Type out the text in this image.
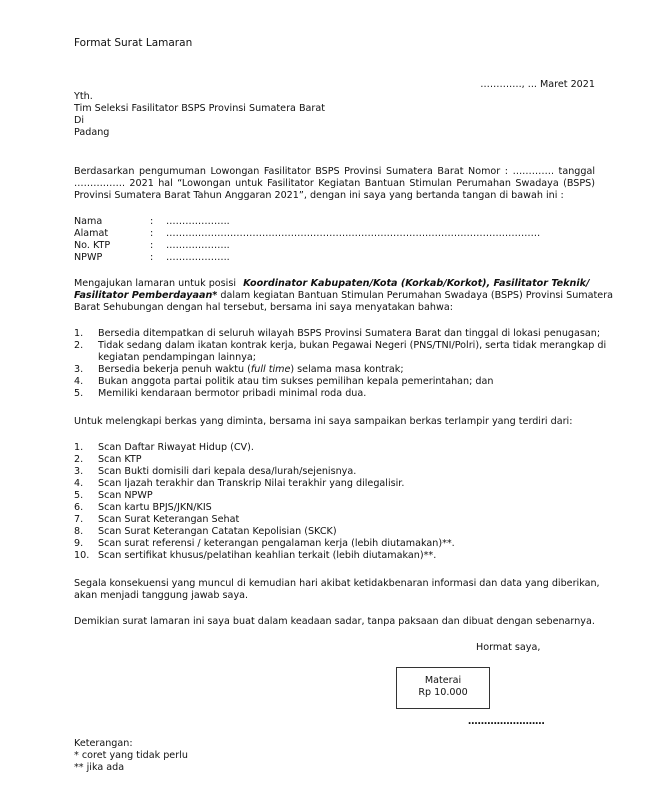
Format Surat Lamaran
…………., ... Maret 2021
Yth.
Tim Seleksi Fasilitator BSPS Provinsi Sumatera Barat
Di
Padang
Berdasarkan pengumuman Lowongan Fasilitator BSPS Provinsi Sumatera Barat Nomor : …………. tanggal
……………. 2021 hal “Lowongan untuk Fasilitator Kegiatan Bantuan Stimulan Perumahan Swadaya (BSPS)
Provinsi Sumatera Barat Tahun Anggaran 2021”, dengan ini saya yang bertanda tangan di bawah ini :
Nama	: ………………..
Alamat	: ………………………………………………………………………………………………………
No. KTP	: ………………..
NPWP	: ………………..
Mengajukan lamaran untuk posisi Koordinator Kabupaten/Kota (Korkab/Korkot), Fasilitator Teknik/
Fasilitator Pemberdayaan* dalam kegiatan Bantuan Stimulan Perumahan Swadaya (BSPS) Provinsi Sumatera
Barat Sehubungan dengan hal tersebut, bersama ini saya menyatakan bahwa:
1.	Bersedia ditempatkan di seluruh wilayah BSPS Provinsi Sumatera Barat dan tinggal di lokasi penugasan;
2.	Tidak sedang dalam ikatan kontrak kerja, bukan Pegawai Negeri (PNS/TNI/Polri), serta tidak merangkap di
kegiatan pendampingan lainnya;
3.	Bersedia bekerja penuh waktu (full time) selama masa kontrak;
4.	Bukan anggota partai politik atau tim sukses pemilihan kepala pemerintahan; dan
5.	Memiliki kendaraan bermotor pribadi minimal roda dua.
Untuk melengkapi berkas yang diminta, bersama ini saya sampaikan berkas terlampir yang terdiri dari:
1.	Scan Daftar Riwayat Hidup (CV).
2.	Scan KTP
3.	Scan Bukti domisili dari kepala desa/lurah/sejenisnya.
4.	Scan Ijazah terakhir dan Transkrip Nilai terakhir yang dilegalisir.
5.	Scan NPWP
6.	Scan kartu BPJS/JKN/KIS
7.	Scan Surat Keterangan Sehat
8.	Scan Surat Keterangan Catatan Kepolisian (SKCK)
9.	Scan surat referensi / keterangan pengalaman kerja (lebih diutamakan)**.
10. Scan sertifikat khusus/pelatihan keahlian terkait (lebih diutamakan)**.
Segala konsekuensi yang muncul di kemudian hari akibat ketidakbenaran informasi dan data yang diberikan,
akan menjadi tanggung jawab saya.
Demikian surat lamaran ini saya buat dalam keadaan sadar, tanpa paksaan dan dibuat dengan sebenarnya.
Hormat saya,
Materai
Rp 10.000
……………………
Keterangan:
* coret yang tidak perlu
** jika ada
